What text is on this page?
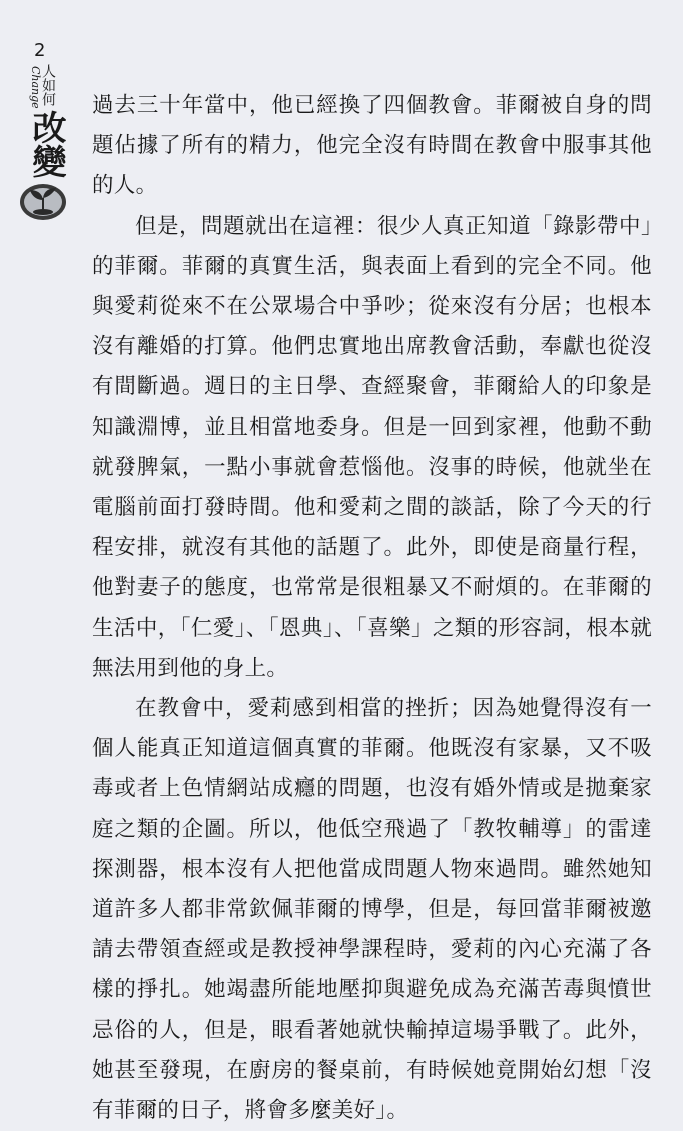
2
人如何
Change
改變

過去三十年當中，他已經換了四個教會。菲爾被自身的問題佔據了所有的精力，他完全沒有時間在教會中服事其他的人。

但是，問題就出在這裡：很少人真正知道「錄影帶中」的菲爾。菲爾的真實生活，與表面上看到的完全不同。他與愛莉從來不在公眾場合中爭吵；從來沒有分居；也根本沒有離婚的打算。他們忠實地出席教會活動，奉獻也從沒有間斷過。週日的主日學、查經聚會，菲爾給人的印象是知識淵博，並且相當地委身。但是一回到家裡，他動不動就發脾氣，一點小事就會惹惱他。沒事的時候，他就坐在電腦前面打發時間。他和愛莉之間的談話，除了今天的行程安排，就沒有其他的話題了。此外，即使是商量行程，他對妻子的態度，也常常是很粗暴又不耐煩的。在菲爾的生活中，「仁愛」、「恩典」、「喜樂」之類的形容詞，根本就無法用到他的身上。

在教會中，愛莉感到相當的挫折；因為她覺得沒有一個人能真正知道這個真實的菲爾。他既沒有家暴，又不吸毒或者上色情網站成癮的問題，也沒有婚外情或是拋棄家庭之類的企圖。所以，他低空飛過了「教牧輔導」的雷達探測器，根本沒有人把他當成問題人物來過問。雖然她知道許多人都非常欽佩菲爾的博學，但是，每回當菲爾被邀請去帶領查經或是教授神學課程時，愛莉的內心充滿了各樣的掙扎。她竭盡所能地壓抑與避免成為充滿苦毒與憤世忌俗的人，但是，眼看著她就快輸掉這場爭戰了。此外，她甚至發現，在廚房的餐桌前，有時候她竟開始幻想「沒有菲爾的日子，將會多麼美好」。
